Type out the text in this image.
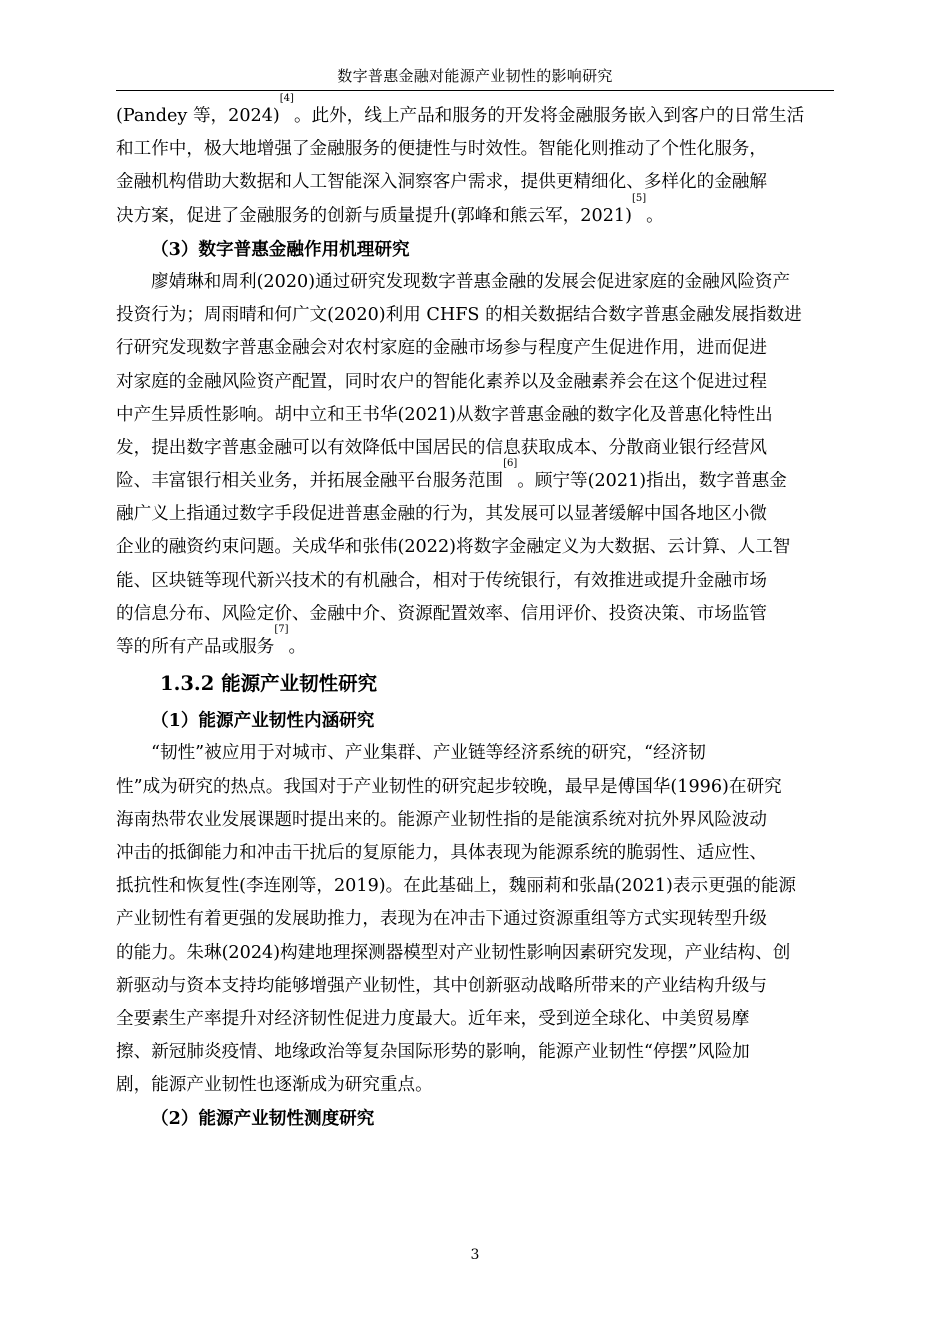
数字普惠金融对能源产业韧性的影响研究
(Pandey 等，2024)[4]。此外，线上产品和服务的开发将金融服务嵌入到客户的日常生活
和工作中，极大地增强了金融服务的便捷性与时效性。智能化则推动了个性化服务，
金融机构借助大数据和人工智能深入洞察客户需求，提供更精细化、多样化的金融解
决方案，促进了金融服务的创新与质量提升(郭峰和熊云军，2021)[5]。
（3）数字普惠金融作用机理研究
廖婧琳和周利(2020)通过研究发现数字普惠金融的发展会促进家庭的金融风险资产
投资行为；周雨晴和何广文(2020)利用 CHFS 的相关数据结合数字普惠金融发展指数进
行研究发现数字普惠金融会对农村家庭的金融市场参与程度产生促进作用，进而促进
对家庭的金融风险资产配置，同时农户的智能化素养以及金融素养会在这个促进过程
中产生异质性影响。胡中立和王书华(2021)从数字普惠金融的数字化及普惠化特性出
发，提出数字普惠金融可以有效降低中国居民的信息获取成本、分散商业银行经营风
险、丰富银行相关业务，并拓展金融平台服务范围[6]。顾宁等(2021)指出，数字普惠金
融广义上指通过数字手段促进普惠金融的行为，其发展可以显著缓解中国各地区小微
企业的融资约束问题。关成华和张伟(2022)将数字金融定义为大数据、云计算、人工智
能、区块链等现代新兴技术的有机融合，相对于传统银行，有效推进或提升金融市场
的信息分布、风险定价、金融中介、资源配置效率、信用评价、投资决策、市场监管
等的所有产品或服务[7]。
1.3.2 能源产业韧性研究
（1）能源产业韧性内涵研究
“韧性”被应用于对城市、产业集群、产业链等经济系统的研究，“经济韧
性”成为研究的热点。我国对于产业韧性的研究起步较晚，最早是傅国华(1996)在研究
海南热带农业发展课题时提出来的。能源产业韧性指的是能演系统对抗外界风险波动
冲击的抵御能力和冲击干扰后的复原能力，具体表现为能源系统的脆弱性、适应性、
抵抗性和恢复性(李连刚等，2019)。在此基础上，魏丽莉和张晶(2021)表示更强的能源
产业韧性有着更强的发展助推力，表现为在冲击下通过资源重组等方式实现转型升级
的能力。朱琳(2024)构建地理探测器模型对产业韧性影响因素研究发现，产业结构、创
新驱动与资本支持均能够增强产业韧性，其中创新驱动战略所带来的产业结构升级与
全要素生产率提升对经济韧性促进力度最大。近年来，受到逆全球化、中美贸易摩
擦、新冠肺炎疫情、地缘政治等复杂国际形势的影响，能源产业韧性“停摆”风险加
剧，能源产业韧性也逐渐成为研究重点。
（2）能源产业韧性测度研究
3
